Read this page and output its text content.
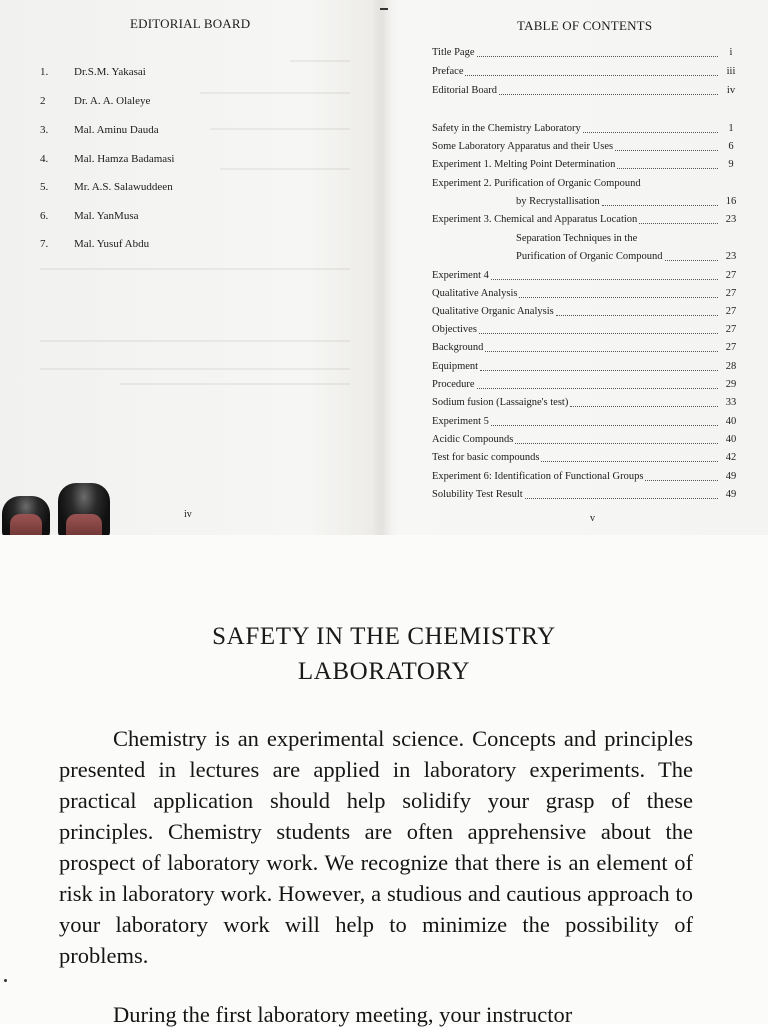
EDITORIAL BOARD
1. Dr.S.M. Yakasai
2	Dr. A. A. Olaleye
3. Mal. Aminu Dauda
4. Mal. Hamza Badamasi
5. Mr. A.S. Salawuddeen
6. Mal. YanMusa
7. Mal. Yusuf Abdu
iv
TABLE OF CONTENTS
Title Page	i
Preface	iii
Editorial Board	iv
Safety in the Chemistry Laboratory	1
Some Laboratory Apparatus and their Uses	6
Experiment 1. Melting Point Determination	9
Experiment 2. Purification of Organic Compound
by Recrystallisation	16
Experiment 3. Chemical and Apparatus Location	23
Separation Techniques in the
Purification of Organic Compound	23
Experiment 4	27
Qualitative Analysis	27
Qualitative Organic Analysis	27
Objectives	27
Background	27
Equipment	28
Procedure	29
Sodium fusion (Lassaigne's test)	33
Experiment 5	40
Acidic Compounds	40
Test for basic compounds	42
Experiment 6: Identification of Functional Groups	49
Solubility Test Result	49
v
SAFETY IN THE CHEMISTRY
LABORATORY

Chemistry is an experimental science. Concepts and principles presented in lectures are applied in laboratory experiments. The practical application should help solidify your grasp of these principles. Chemistry students are often apprehensive about the prospect of laboratory work. We recognize that there is an element of risk in laboratory work. However, a studious and cautious approach to your laboratory work will help to minimize the possibility of problems.

During the first laboratory meeting, your instructor
